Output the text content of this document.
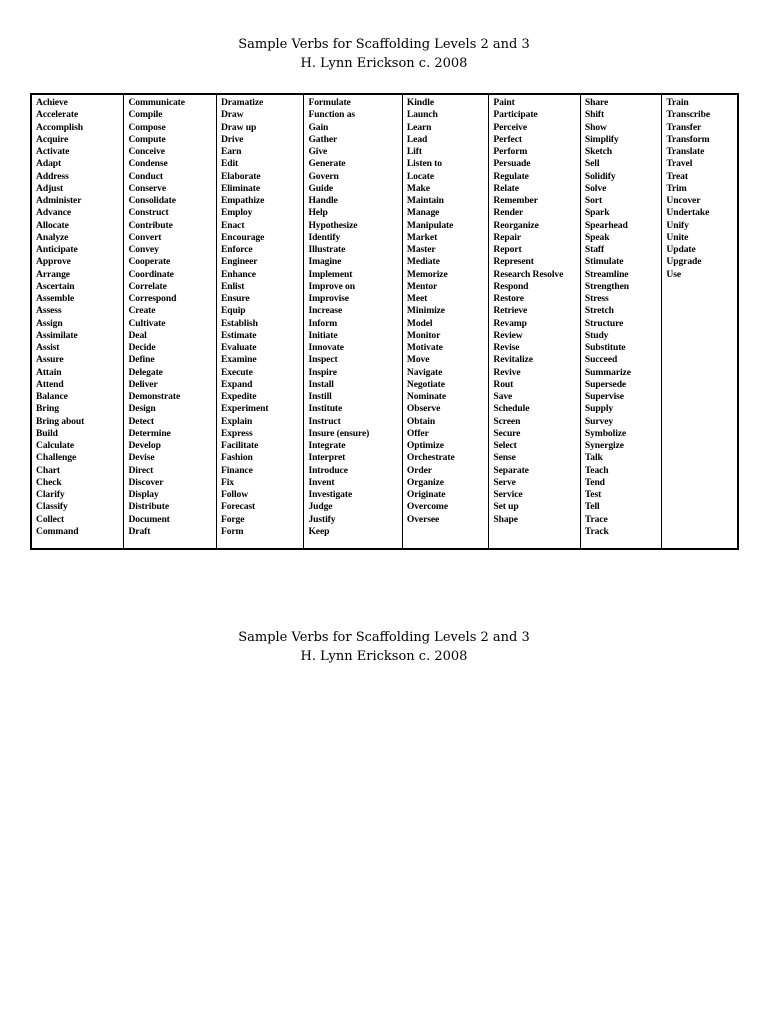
Sample Verbs for Scaffolding Levels 2 and 3
H. Lynn Erickson c. 2008
Achieve
Accelerate
Accomplish
Acquire
Activate
Adapt
Address
Adjust
Administer
Advance
Allocate
Analyze
Anticipate
Approve
Arrange
Ascertain
Assemble
Assess
Assign
Assimilate
Assist
Assure
Attain
Attend
Balance
Bring
Bring about
Build
Calculate
Challenge
Chart
Check
Clarify
Classify
Collect
Command
Communicate
Compile
Compose
Compute
Conceive
Condense
Conduct
Conserve
Consolidate
Construct
Contribute
Convert
Convey
Cooperate
Coordinate
Correlate
Correspond
Create
Cultivate
Deal
Decide
Define
Delegate
Deliver
Demonstrate
Design
Detect
Determine
Develop
Devise
Direct
Discover
Display
Distribute
Document
Draft
Dramatize
Draw
Draw up
Drive
Earn
Edit
Elaborate
Eliminate
Empathize
Employ
Enact
Encourage
Enforce
Engineer
Enhance
Enlist
Ensure
Equip
Establish
Estimate
Evaluate
Examine
Execute
Expand
Expedite
Experiment
Explain
Express
Facilitate
Fashion
Finance
Fix
Follow
Forecast
Forge
Form
Formulate
Function as
Gain
Gather
Give
Generate
Govern
Guide
Handle
Help
Hypothesize
Identify
Illustrate
Imagine
Implement
Improve on
Improvise
Increase
Inform
Initiate
Innovate
Inspect
Inspire
Install
Instill
Institute
Instruct
Insure (ensure)
Integrate
Interpret
Introduce
Invent
Investigate
Judge
Justify
Keep
Kindle
Launch
Learn
Lead
Lift
Listen to
Locate
Make
Maintain
Manage
Manipulate
Market
Master
Mediate
Memorize
Mentor
Meet
Minimize
Model
Monitor
Motivate
Move
Navigate
Negotiate
Nominate
Observe
Obtain
Offer
Optimize
Orchestrate
Order
Organize
Originate
Overcome
Oversee
Paint
Participate
Perceive
Perfect
Perform
Persuade
Regulate
Relate
Remember
Render
Reorganize
Repair
Report
Represent
Research Resolve
Respond
Restore
Retrieve
Revamp
Review
Revise
Revitalize
Revive
Rout
Save
Schedule
Screen
Secure
Select
Sense
Separate
Serve
Service
Set up
Shape
Share
Shift
Show
Simplify
Sketch
Sell
Solidify
Solve
Sort
Spark
Spearhead
Speak
Staff
Stimulate
Streamline
Strengthen
Stress
Stretch
Structure
Study
Substitute
Succeed
Summarize
Supersede
Supervise
Supply
Survey
Symbolize
Synergize
Talk
Teach
Tend
Test
Tell
Trace
Track
Train
Transcribe
Transfer
Transform
Translate
Travel
Treat
Trim
Uncover
Undertake
Unify
Unite
Update
Upgrade
Use
Sample Verbs for Scaffolding Levels 2 and 3
H. Lynn Erickson c. 2008
